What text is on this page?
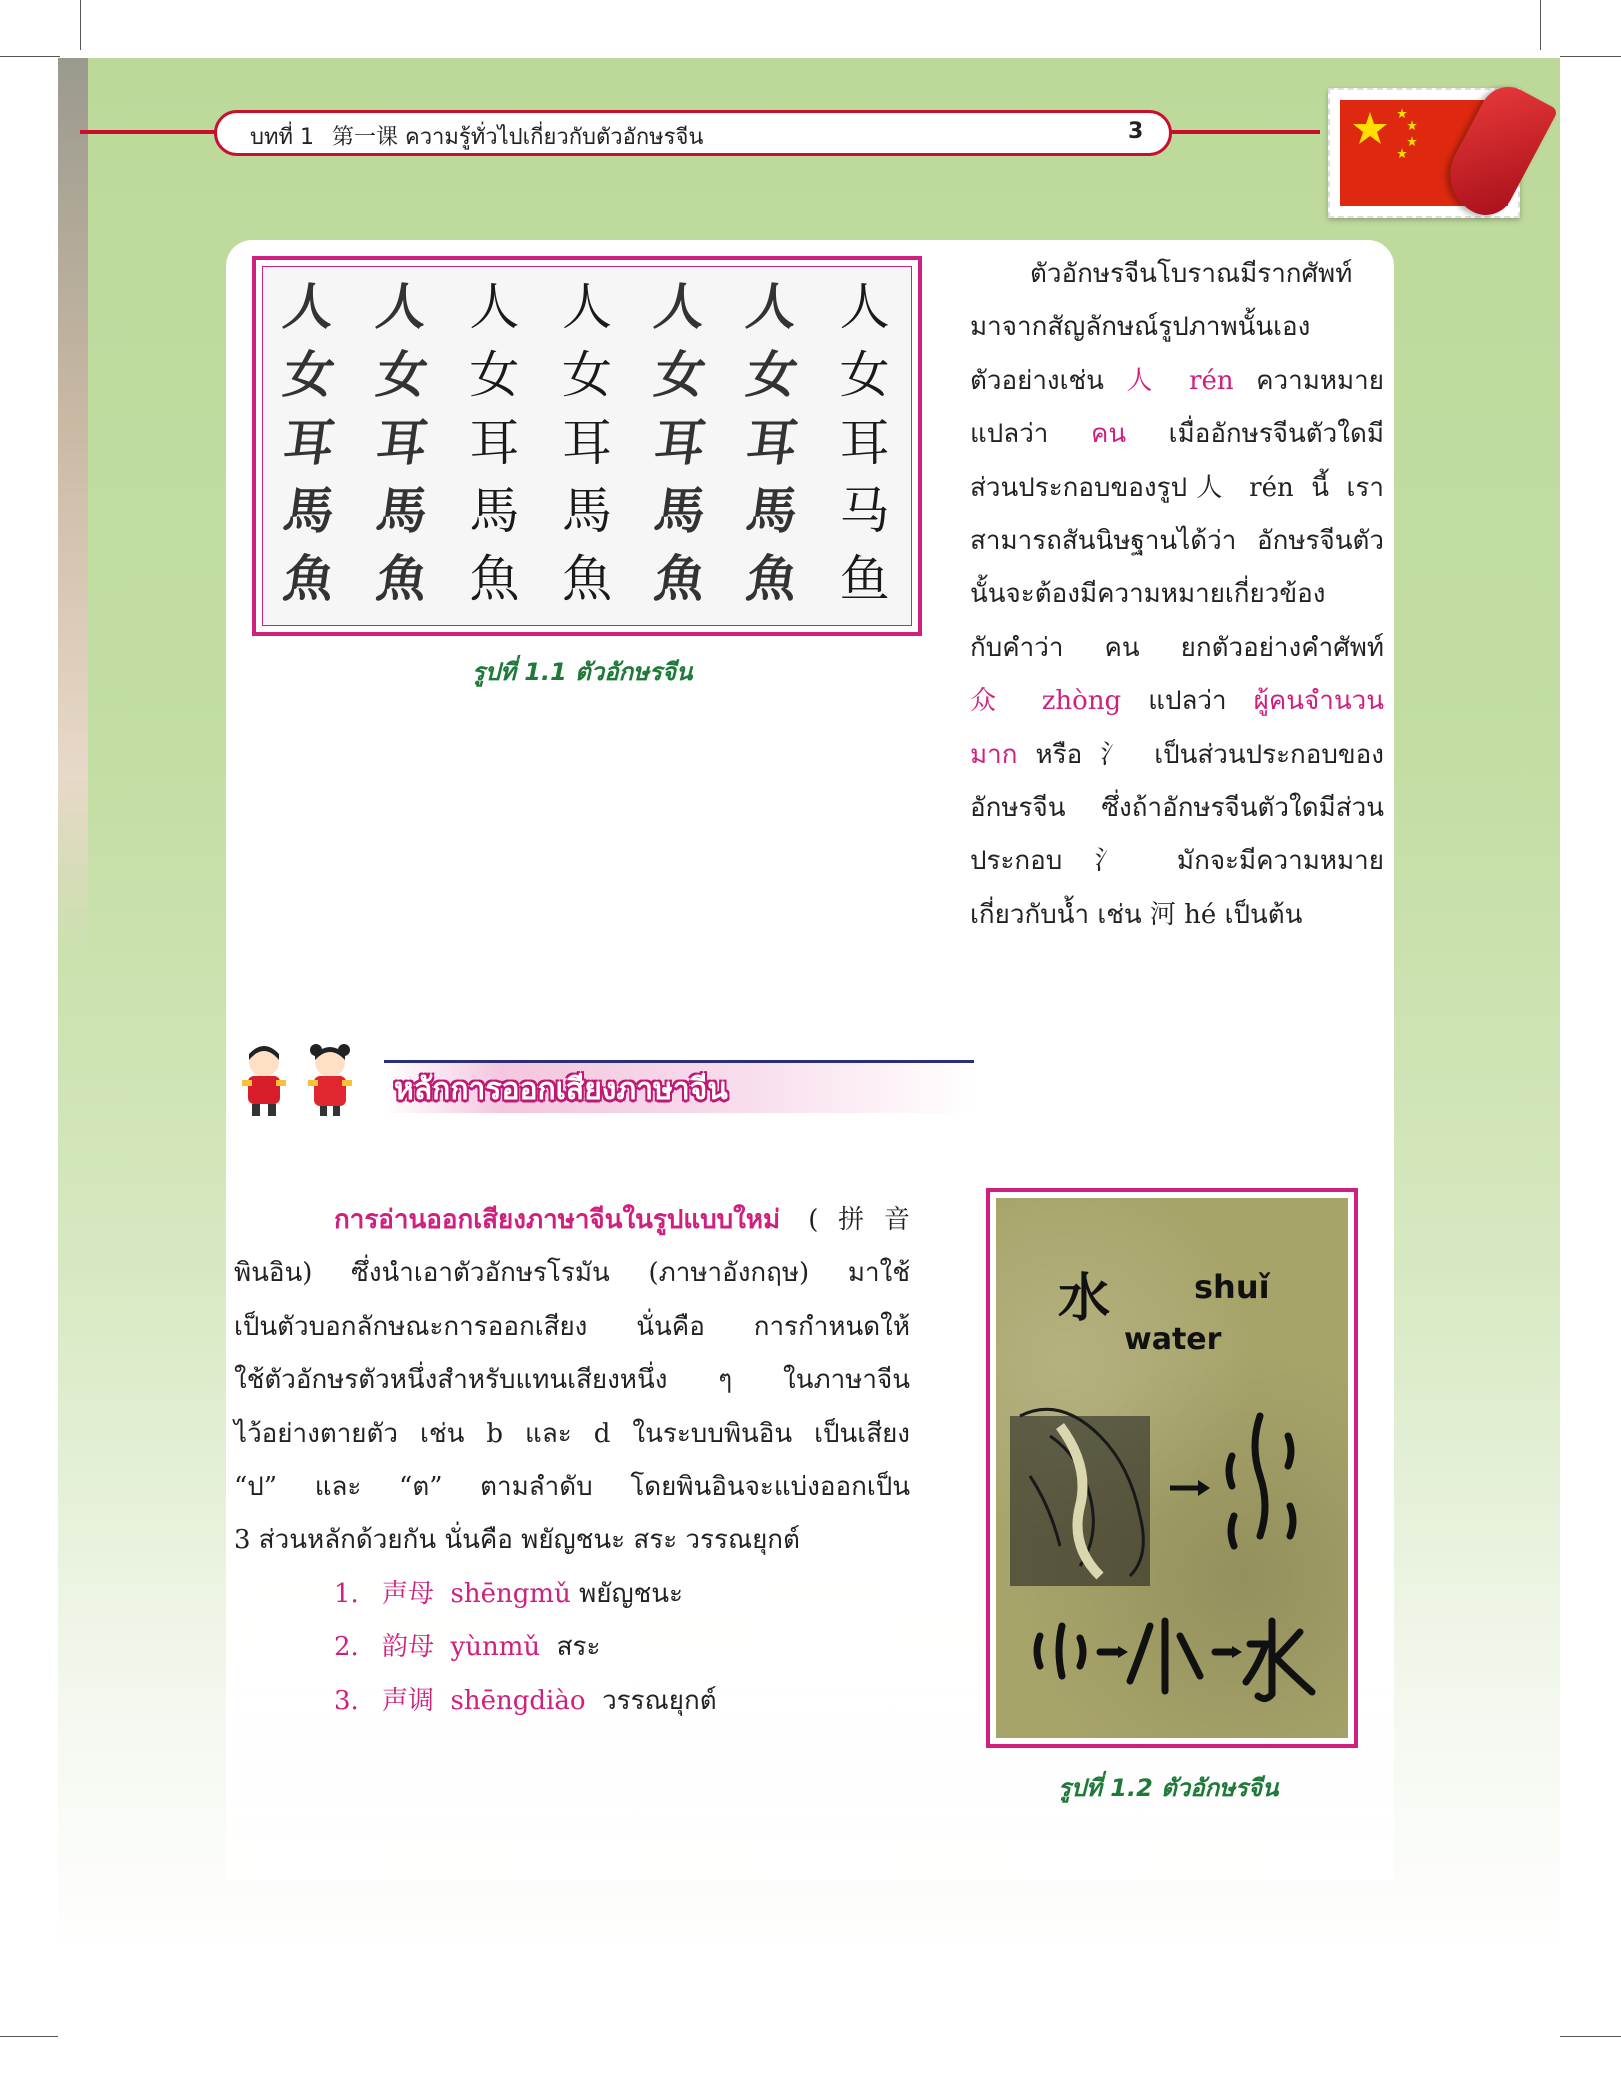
บทที่ 1 第一课 ความรู้ทั่วไปเกี่ยวกับตัวอักษรจีน	3
人 人 人 人 人 人 人
女 女 女 女 女 女 女
耳 耳 耳 耳 耳 耳 耳
馬 馬 馬 馬 馬 馬 马
魚 魚 魚 魚 魚 魚 鱼
รูปที่ 1.1 ตัวอักษรจีน
ตัวอักษรจีนโบราณมีรากศัพท์
มาจากสัญลักษณ์รูปภาพนั้นเอง
ตัวอย่างเช่น 人 rén ความหมาย
แปลว่า คน เมื่ออักษรจีนตัวใดมี
ส่วนประกอบของรูป人 rén นี้ เรา
สามารถสันนิษฐานได้ว่า อักษรจีนตัว
นั้นจะต้องมีความหมายเกี่ยวข้อง
กับคำว่า คน ยกตัวอย่างคำศัพท์
众 zhòng แปลว่า ผู้คนจำนวน
มาก หรือ 氵 เป็นส่วนประกอบของ
อักษรจีน ซึ่งถ้าอักษรจีนตัวใดมีส่วน
ประกอบ 氵 มักจะมีความหมาย
เกี่ยวกับน้ำ เช่น 河 hé เป็นต้น
หลักการออกเสียงภาษาจีน
การอ่านออกเสียงภาษาจีนในรูปแบบใหม่ (拼音
พินอิน) ซึ่งนำเอาตัวอักษรโรมัน (ภาษาอังกฤษ) มาใช้
เป็นตัวบอกลักษณะการออกเสียง นั่นคือ การกำหนดให้
ใช้ตัวอักษรตัวหนึ่งสำหรับแทนเสียงหนึ่ง ๆ ในภาษาจีน
ไว้อย่างตายตัว เช่น b และ d ในระบบพินอิน เป็นเสียง
“ป” และ “ต” ตามลำดับ โดยพินอินจะแบ่งออกเป็น
3 ส่วนหลักด้วยกัน นั่นคือ พยัญชนะ สระ วรรณยุกต์
1. 声母 shēngmǔ พยัญชนะ
2. 韵母 yùnmǔ สระ
3. 声调 shēngdiào วรรณยุกต์
水	shuǐ
water
รูปที่ 1.2 ตัวอักษรจีน
